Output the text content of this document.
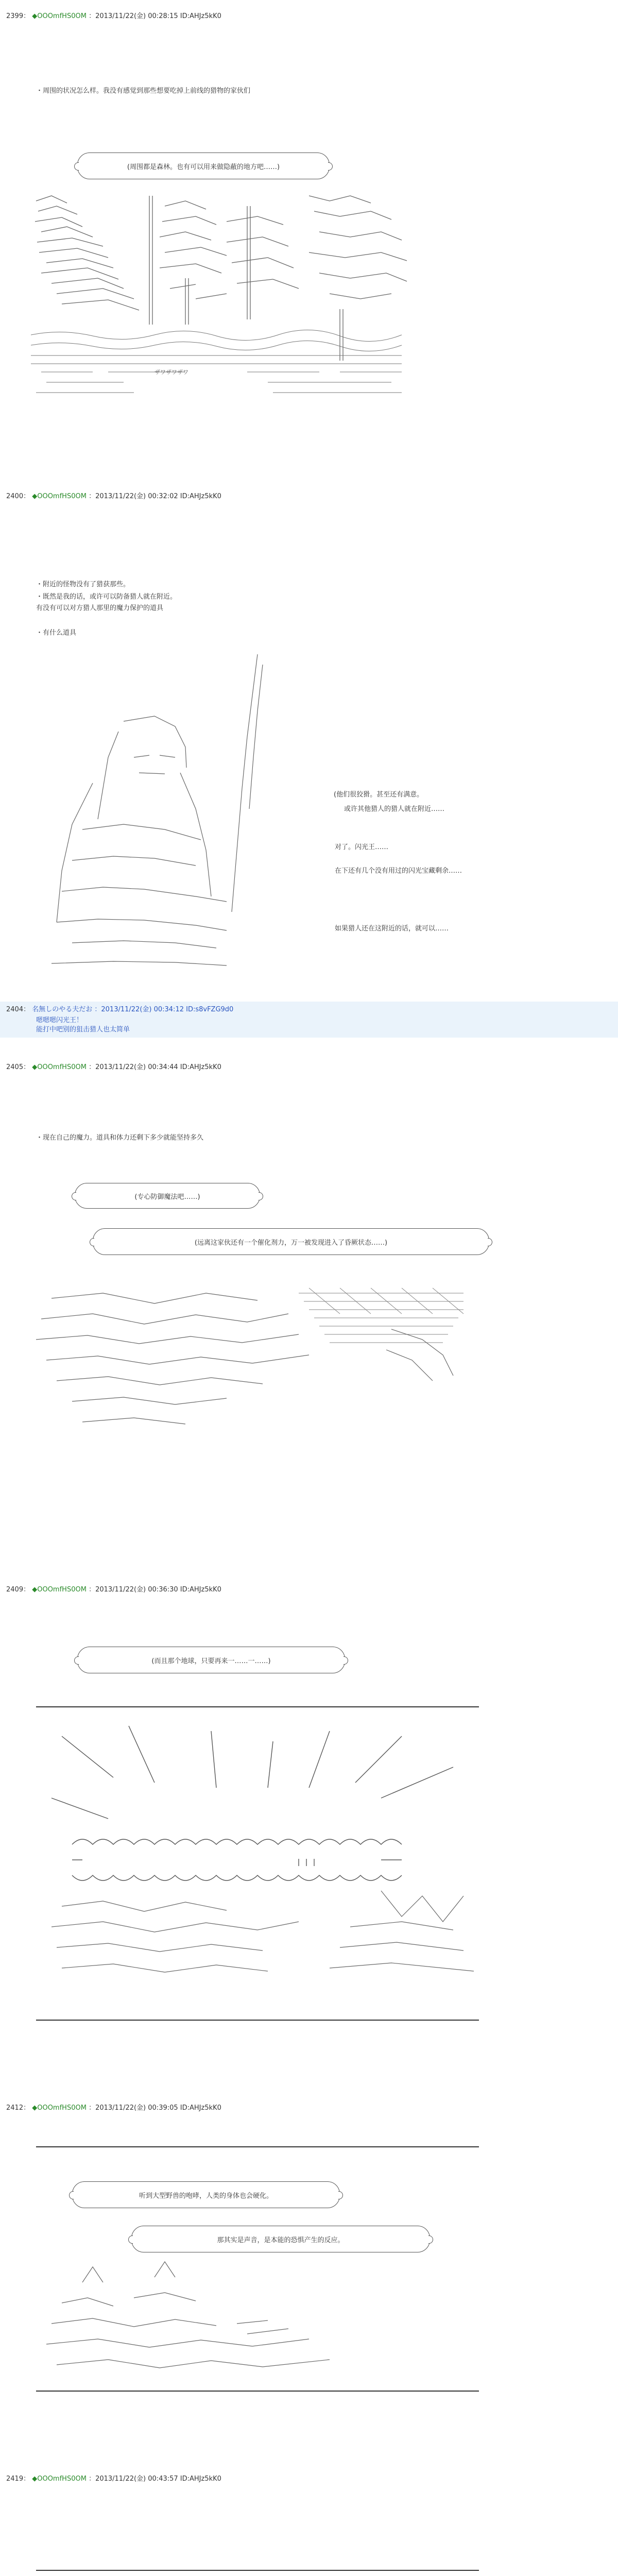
2399： ◆OOOmfHS0OM ：2013/11/22(金) 00:28:15 ID:AHJz5kK0
・周围的状况怎么样。我没有感觉到那些想要吃掉上前线的猎物的家伙们
(周围都是森林。也有可以用来做隐蔽的地方吧……)
ザワザワザワ
2400： ◆OOOmfHS0OM ：2013/11/22(金) 00:32:02 ID:AHJz5kK0
・附近的怪物没有了猎获那些。
・既然是我的话，或许可以防备猎人就在附近。
有没有可以对方猎人那里的魔力保护的道具
・有什么道具
(他们很狡猾。甚至还有满意。
或许其他猎人的猎人就在附近……
对了。闪光王……
在下还有几个没有用过的闪光宝藏剩余……
如果猎人还在这附近的话，就可以……
2404： 名無しのやる夫だお ：2013/11/22(金) 00:34:12 ID:s8vFZG9d0
嗯嗯嗯闪光王！
能打中吧别的狙击猎人也太简单
2405： ◆OOOmfHS0OM ：2013/11/22(金) 00:34:44 ID:AHJz5kK0
・现在自己的魔力。道具和体力还剩下多少就能坚持多久
(专心防御魔法吧……)
(远离这家伙还有一个催化剂力，万一被发现进入了昏厥状态……)
2409： ◆OOOmfHS0OM ：2013/11/22(金) 00:36:30 ID:AHJz5kK0
(而且那个地球，只要再来一……一……)
2412： ◆OOOmfHS0OM ：2013/11/22(金) 00:39:05 ID:AHJz5kK0
听到大型野兽的咆哮，人类的身体也会硬化。
那其实是声音，是本能的恐惧产生的反应。
2419： ◆OOOmfHS0OM ：2013/11/22(金) 00:43:57 ID:AHJz5kK0
